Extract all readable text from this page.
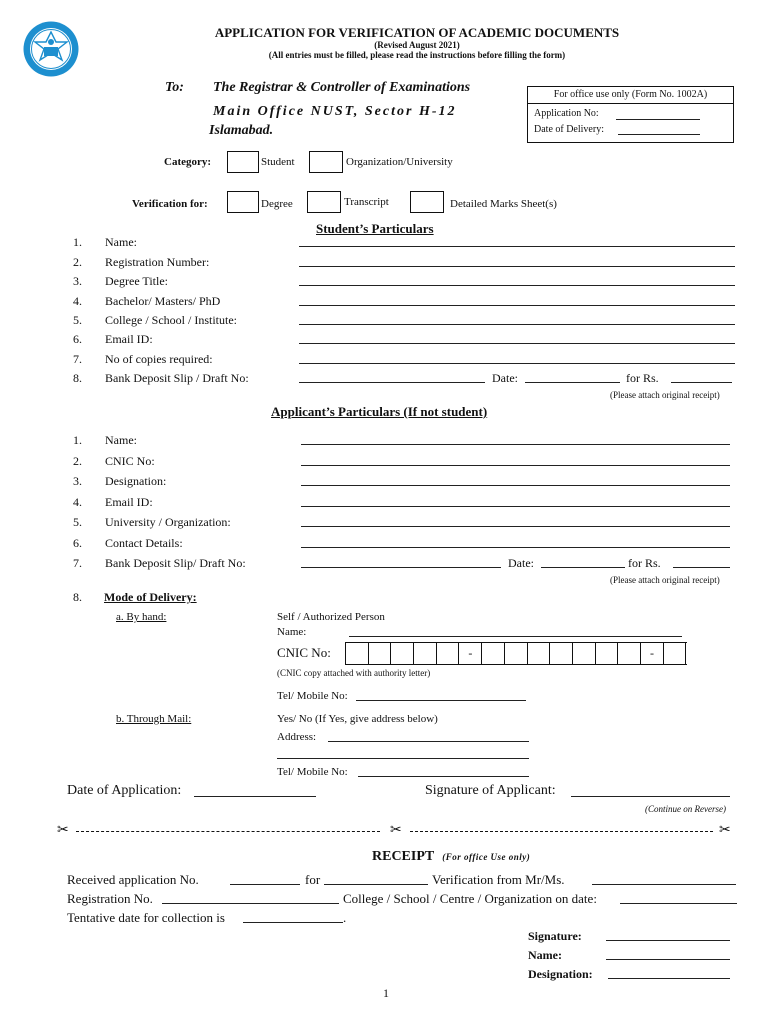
APPLICATION FOR VERIFICATION OF ACADEMIC DOCUMENTS
(Revised August 2021)
(All entries must be filled, please read the instructions before filling the form)
To: The Registrar & Controller of Examinations
Main Office NUST, Sector H-12
Islamabad.
For office use only (Form No. 1002A)
Application No:
Date of Delivery:
Category:	Student	Organization/University
Verification for:	Degree	Transcript	Detailed Marks Sheet(s)
Student’s Particulars
1. Name:
2. Registration Number:
3. Degree Title:
4. Bachelor/ Masters/ PhD
5. College / School / Institute:
6. Email ID:
7. No of copies required:
8. Bank Deposit Slip / Draft No:	Date:	for Rs.
(Please attach original receipt)
Applicant’s Particulars (If not student)
1. Name:
2. CNIC No:
3. Designation:
4. Email ID:
5. University / Organization:
6. Contact Details:
7. Bank Deposit Slip/ Draft No:	Date:	for Rs.
(Please attach original receipt)
8. Mode of Delivery:
a. By hand:	Self / Authorized Person
Name:
CNIC No:	-	-
(CNIC copy attached with authority letter)
Tel/ Mobile No:
b. Through Mail:	Yes/ No (If Yes, give address below)
Address:
Tel/ Mobile No:
Date of Application:	Signature of Applicant:
(Continue on Reverse)
✂	✂	✂
RECEIPT (For office Use only)
Received application No.	for	Verification from Mr/Ms.
Registration No.	College / School / Centre / Organization on date:
Tentative date for collection is	.
Signature:
Name:
Designation:
1
